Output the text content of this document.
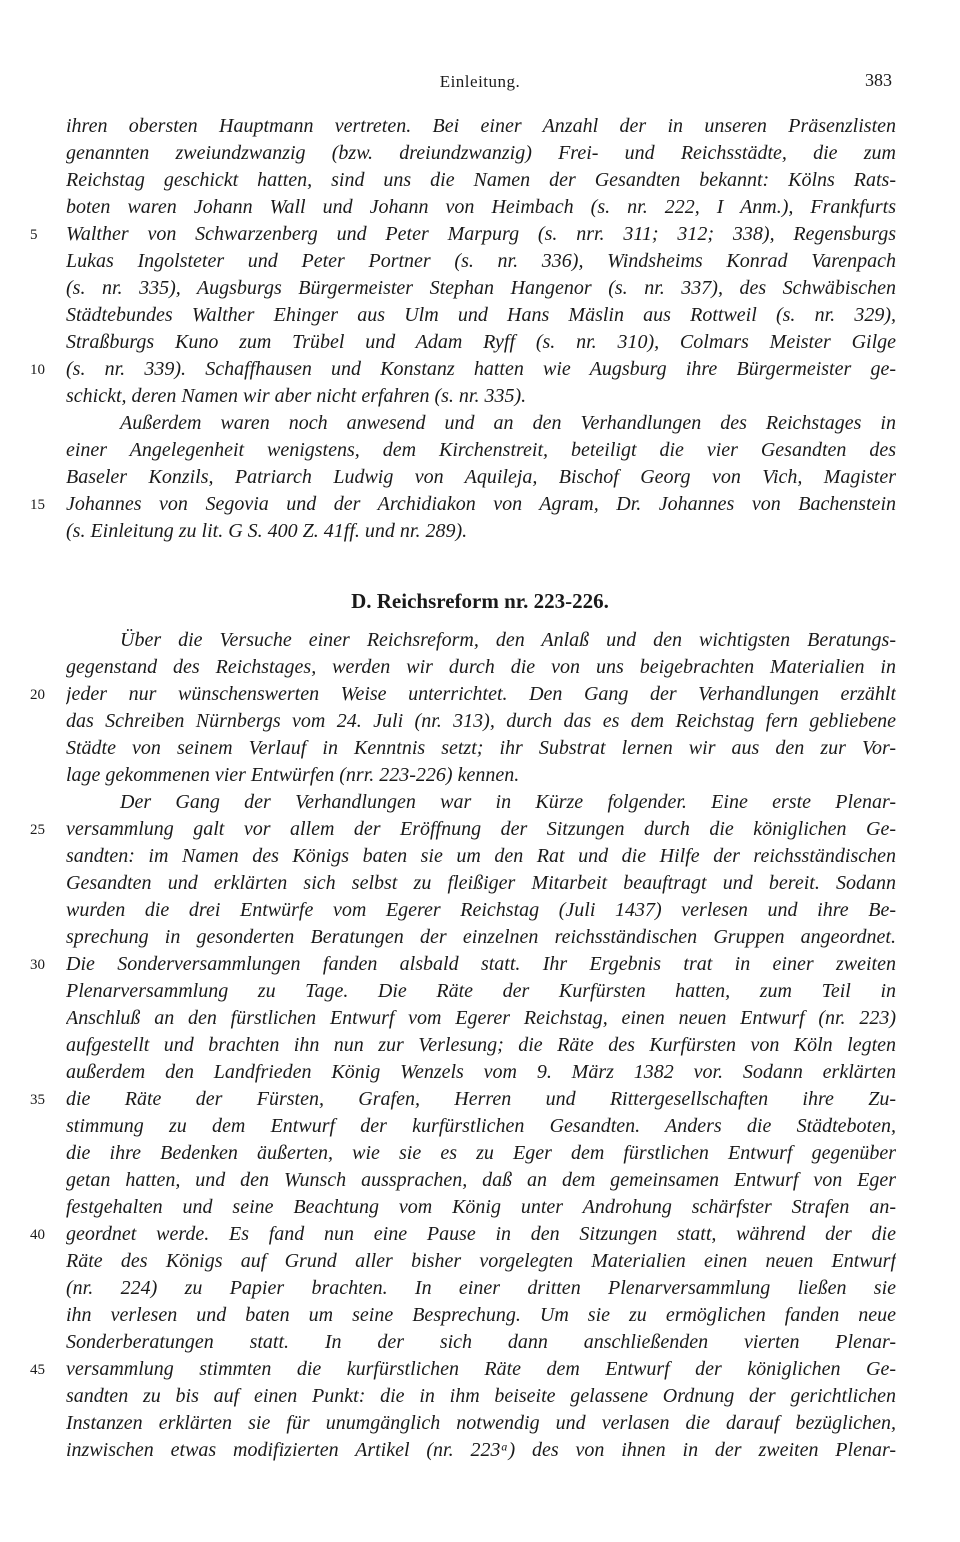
Einleitung.	383
ihren obersten Hauptmann vertreten. Bei einer Anzahl der in unseren Präsenzlisten
genannten zweiundzwanzig (bzw. dreiundzwanzig) Frei- und Reichsstädte, die zum
Reichstag geschickt hatten, sind uns die Namen der Gesandten bekannt: Kölns Rats-
boten waren Johann Wall und Johann von Heimbach (s. nr. 222, I Anm.), Frankfurts
5	Walther von Schwarzenberg und Peter Marpurg (s. nrr. 311; 312; 338), Regensburgs
Lukas Ingolsteter und Peter Portner (s. nr. 336), Windsheims Konrad Varenpach
(s. nr. 335), Augsburgs Bürgermeister Stephan Hangenor (s. nr. 337), des Schwäbischen
Städtebundes Walther Ehinger aus Ulm und Hans Mäslin aus Rottweil (s. nr. 329),
Straßburgs Kuno zum Trübel und Adam Ryff (s. nr. 310), Colmars Meister Gilge
10	(s. nr. 339). Schaffhausen und Konstanz hatten wie Augsburg ihre Bürgermeister ge-
schickt, deren Namen wir aber nicht erfahren (s. nr. 335).
Außerdem waren noch anwesend und an den Verhandlungen des Reichstages in
einer Angelegenheit wenigstens, dem Kirchenstreit, beteiligt die vier Gesandten des
Baseler Konzils, Patriarch Ludwig von Aquileja, Bischof Georg von Vich, Magister
15	Johannes von Segovia und der Archidiakon von Agram, Dr. Johannes von Bachenstein
(s. Einleitung zu lit. G S. 400 Z. 41ff. und nr. 289).
D. Reichsreform nr. 223-226.
Über die Versuche einer Reichsreform, den Anlaß und den wichtigsten Beratungs-
gegenstand des Reichstages, werden wir durch die von uns beigebrachten Materialien in
20	jeder nur wünschenswerten Weise unterrichtet. Den Gang der Verhandlungen erzählt
das Schreiben Nürnbergs vom 24. Juli (nr. 313), durch das es dem Reichstag fern gebliebene
Städte von seinem Verlauf in Kenntnis setzt; ihr Substrat lernen wir aus den zur Vor-
lage gekommenen vier Entwürfen (nrr. 223-226) kennen.
Der Gang der Verhandlungen war in Kürze folgender. Eine erste Plenar-
25	versammlung galt vor allem der Eröffnung der Sitzungen durch die königlichen Ge-
sandten: im Namen des Königs baten sie um den Rat und die Hilfe der reichsständischen
Gesandten und erklärten sich selbst zu fleißiger Mitarbeit beauftragt und bereit. Sodann
wurden die drei Entwürfe vom Egerer Reichstag (Juli 1437) verlesen und ihre Be-
sprechung in gesonderten Beratungen der einzelnen reichsständischen Gruppen angeordnet.
30	Die Sonderversammlungen fanden alsbald statt. Ihr Ergebnis trat in einer zweiten
Plenarversammlung zu Tage. Die Räte der Kurfürsten hatten, zum Teil in
Anschluß an den fürstlichen Entwurf vom Egerer Reichstag, einen neuen Entwurf (nr. 223)
aufgestellt und brachten ihn nun zur Verlesung; die Räte des Kurfürsten von Köln legten
außerdem den Landfrieden König Wenzels vom 9. März 1382 vor. Sodann erklärten
35	die Räte der Fürsten, Grafen, Herren und Rittergesellschaften ihre Zu-
stimmung zu dem Entwurf der kurfürstlichen Gesandten. Anders die Städteboten,
die ihre Bedenken äußerten, wie sie es zu Eger dem fürstlichen Entwurf gegenüber
getan hatten, und den Wunsch aussprachen, daß an dem gemeinsamen Entwurf von Eger
festgehalten und seine Beachtung vom König unter Androhung schärfster Strafen an-
40	geordnet werde. Es fand nun eine Pause in den Sitzungen statt, während der die
Räte des Königs auf Grund aller bisher vorgelegten Materialien einen neuen Entwurf
(nr. 224) zu Papier brachten. In einer dritten Plenarversammlung ließen sie
ihn verlesen und baten um seine Besprechung. Um sie zu ermöglichen fanden neue
Sonderberatungen statt. In der sich dann anschließenden vierten Plenar-
45	versammlung stimmten die kurfürstlichen Räte dem Entwurf der königlichen Ge-
sandten zu bis auf einen Punkt: die in ihm beiseite gelassene Ordnung der gerichtlichen
Instanzen erklärten sie für unumgänglich notwendig und verlasen die darauf bezüglichen,
inzwischen etwas modifizierten Artikel (nr. 223ᵃ) des von ihnen in der zweiten Plenar-
